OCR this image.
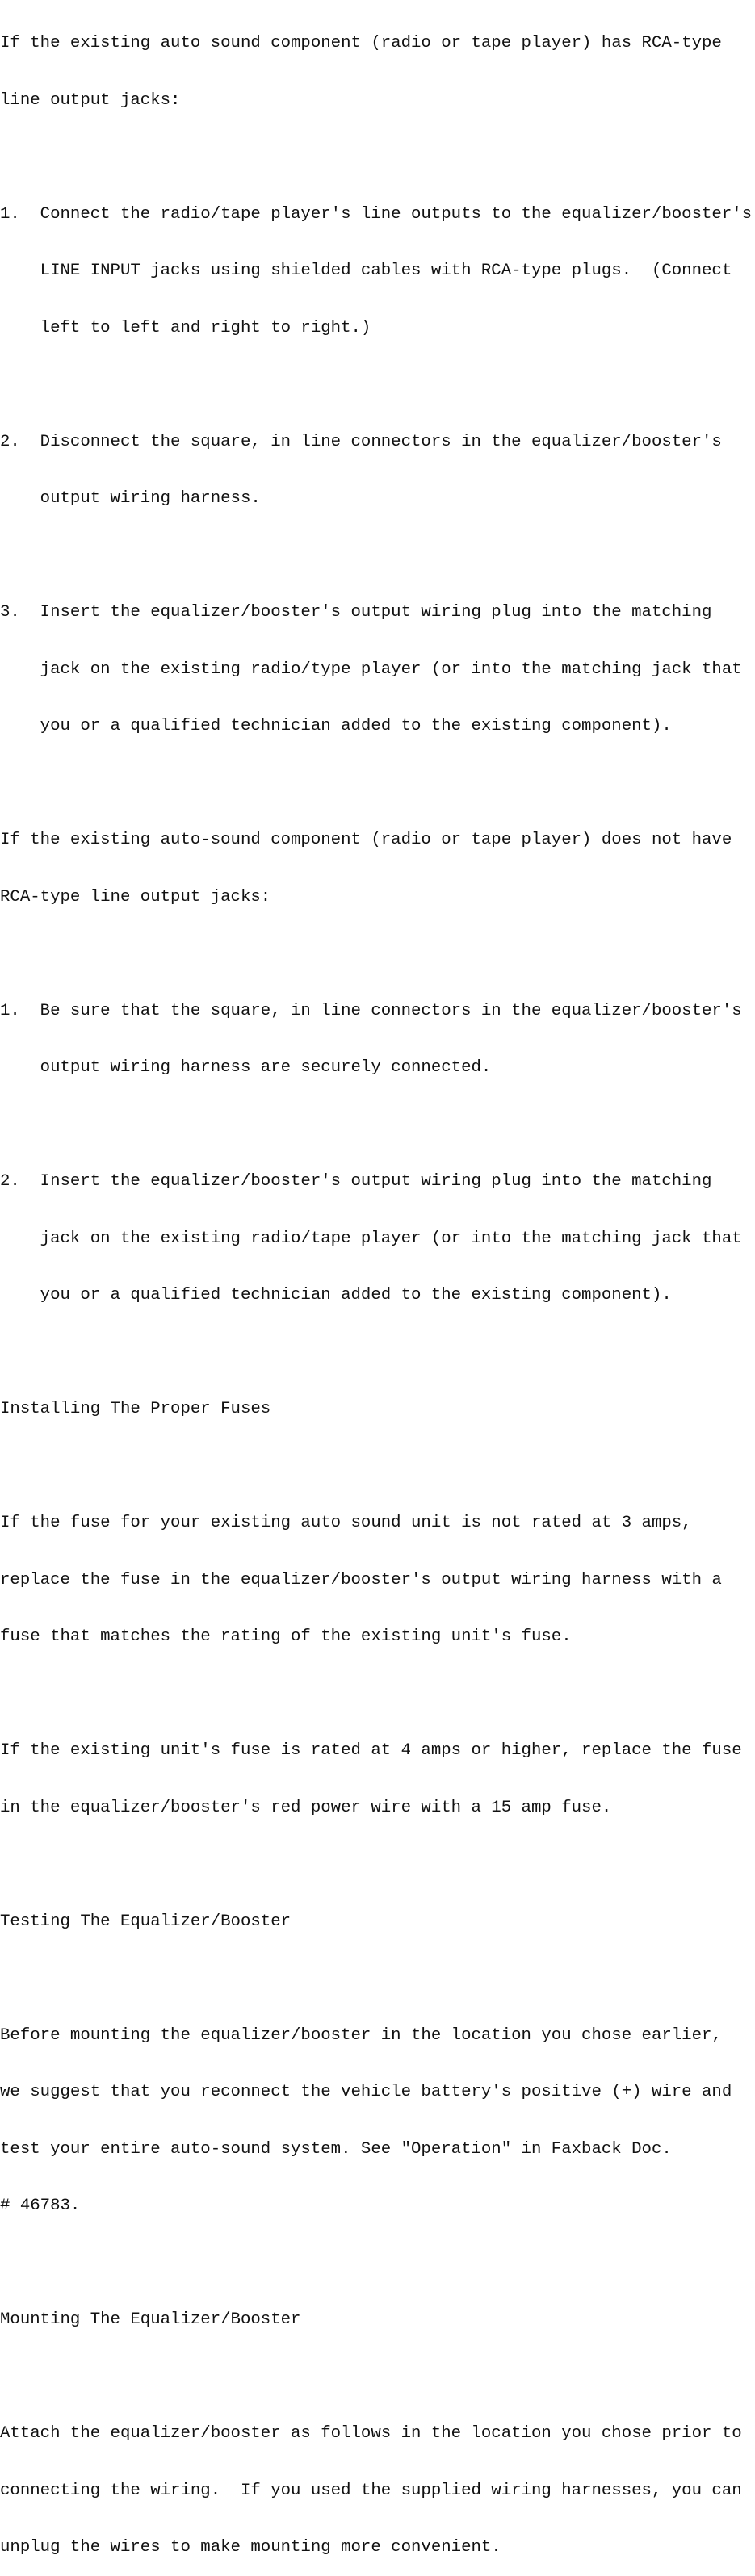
If the existing auto sound component (radio or tape player) has RCA-type

line output jacks:

1.  Connect the radio/tape player's line outputs to the equalizer/booster's

LINE INPUT jacks using shielded cables with RCA-type plugs.  (Connect

left to left and right to right.)

2.  Disconnect the square, in line connectors in the equalizer/booster's

output wiring harness.

3.  Insert the equalizer/booster's output wiring plug into the matching

jack on the existing radio/type player (or into the matching jack that

you or a qualified technician added to the existing component).

If the existing auto-sound component (radio or tape player) does not have

RCA-type line output jacks:

1.  Be sure that the square, in line connectors in the equalizer/booster's

output wiring harness are securely connected.

2.  Insert the equalizer/booster's output wiring plug into the matching

jack on the existing radio/tape player (or into the matching jack that

you or a qualified technician added to the existing component).

Installing The Proper Fuses

If the fuse for your existing auto sound unit is not rated at 3 amps,

replace the fuse in the equalizer/booster's output wiring harness with a

fuse that matches the rating of the existing unit's fuse.

If the existing unit's fuse is rated at 4 amps or higher, replace the fuse

in the equalizer/booster's red power wire with a 15 amp fuse.

Testing The Equalizer/Booster

Before mounting the equalizer/booster in the location you chose earlier,

we suggest that you reconnect the vehicle battery's positive (+) wire and

test your entire auto-sound system. See "Operation" in Faxback Doc.

# 46783.

Mounting The Equalizer/Booster

Attach the equalizer/booster as follows in the location you chose prior to

connecting the wiring.  If you used the supplied wiring harnesses, you can

unplug the wires to make mounting more convenient.
